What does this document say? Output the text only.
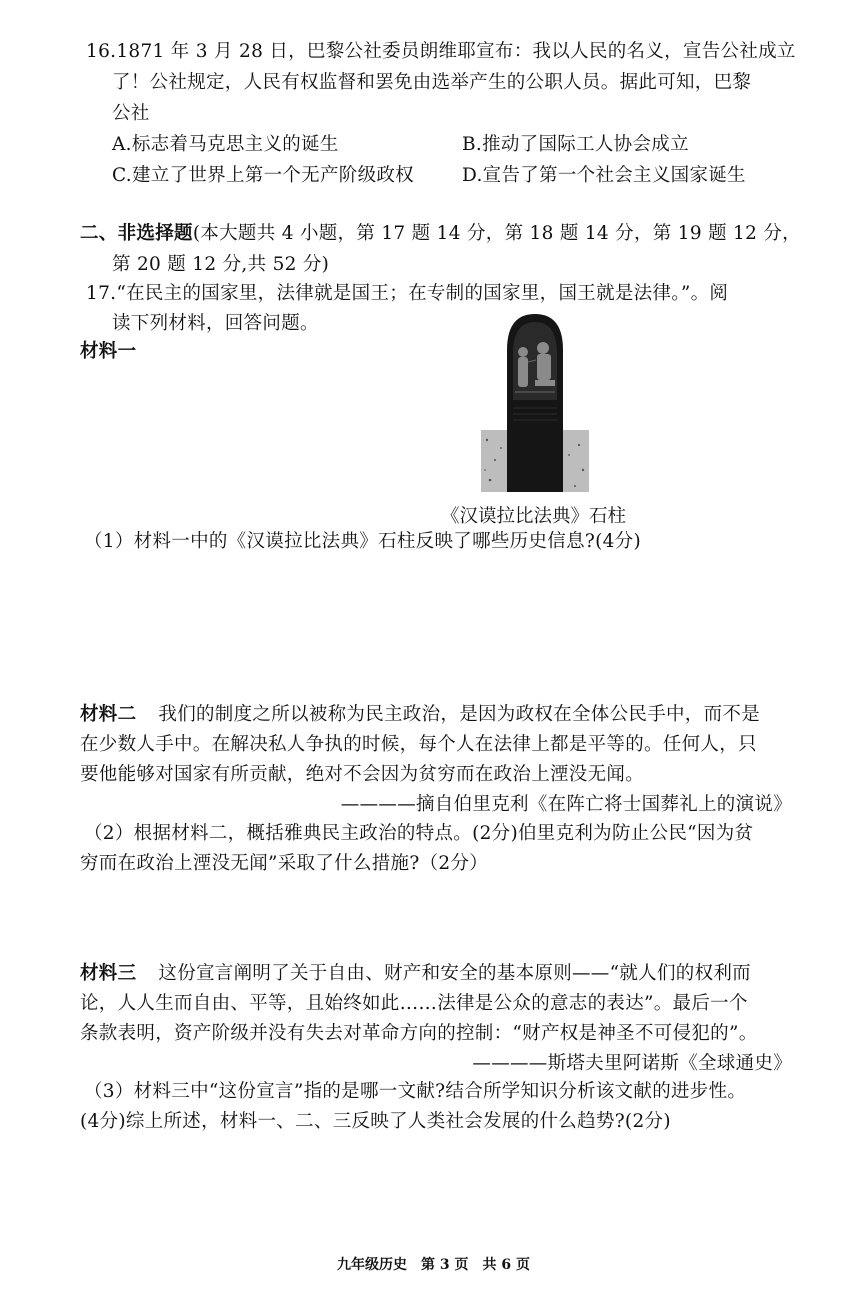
16.1871 年 3 月 28 日，巴黎公社委员朗维耶宣布：我以人民的名义，宣告公社成立
了！公社规定，人民有权监督和罢免由选举产生的公职人员。据此可知，巴黎
公社
A.标志着马克思主义的诞生	B.推动了国际工人协会成立
C.建立了世界上第一个无产阶级政权	D.宣告了第一个社会主义国家诞生
二、非选择题(本大题共 4 小题，第 17 题 14 分，第 18 题 14 分，第 19 题 12 分，
第 20 题 12 分,共 52 分)
17.“在民主的国家里，法律就是国王；在专制的国家里，国王就是法律。”。阅
读下列材料，回答问题。
材料一
《汉谟拉比法典》石柱
（1）材料一中的《汉谟拉比法典》石柱反映了哪些历史信息?(4分)
材料二 我们的制度之所以被称为民主政治，是因为政权在全体公民手中，而不是
在少数人手中。在解决私人争执的时候，每个人在法律上都是平等的。任何人，只
要他能够对国家有所贡献，绝对不会因为贫穷而在政治上湮没无闻。
————摘自伯里克利《在阵亡将士国葬礼上的演说》
（2）根据材料二，概括雅典民主政治的特点。(2分)伯里克利为防止公民“因为贫
穷而在政治上湮没无闻”采取了什么措施?（2分）
材料三 这份宣言阐明了关于自由、财产和安全的基本原则——“就人们的权利而
论，人人生而自由、平等，且始终如此……法律是公众的意志的表达”。最后一个
条款表明，资产阶级并没有失去对革命方向的控制：“财产权是神圣不可侵犯的”。
————斯塔夫里阿诺斯《全球通史》
（3）材料三中“这份宣言”指的是哪一文献?结合所学知识分析该文献的进步性。
(4分)综上所述，材料一、二、三反映了人类社会发展的什么趋势?(2分)
九年级历史　第 3 页　共 6 页
